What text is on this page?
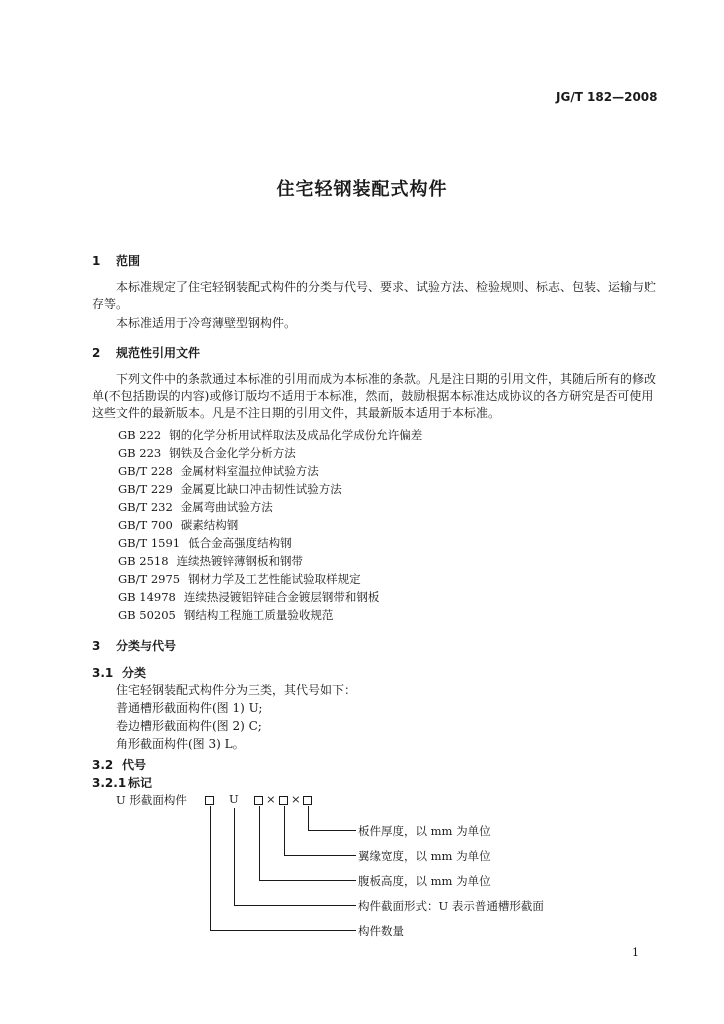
JG/T 182—2008
住宅轻钢装配式构件
1 范围
本标准规定了住宅轻钢装配式构件的分类与代号、要求、试验方法、检验规则、标志、包装、运输与贮存等。
本标准适用于冷弯薄壁型钢构件。
2 规范性引用文件
下列文件中的条款通过本标准的引用而成为本标准的条款。凡是注日期的引用文件，其随后所有的修改单(不包括勘误的内容)或修订版均不适用于本标准，然而，鼓励根据本标准达成协议的各方研究是否可使用这些文件的最新版本。凡是不注日期的引用文件，其最新版本适用于本标准。
GB 222 钢的化学分析用试样取法及成品化学成份允许偏差
GB 223 钢铁及合金化学分析方法
GB/T 228 金属材料室温拉伸试验方法
GB/T 229 金属夏比缺口冲击韧性试验方法
GB/T 232 金属弯曲试验方法
GB/T 700 碳素结构钢
GB/T 1591 低合金高强度结构钢
GB 2518 连续热镀锌薄钢板和钢带
GB/T 2975 钢材力学及工艺性能试验取样规定
GB 14978 连续热浸镀铝锌硅合金镀层钢带和钢板
GB 50205 钢结构工程施工质量验收规范
3 分类与代号
3.1 分类
住宅轻钢装配式构件分为三类，其代号如下：
普通槽形截面构件(图 1) U;
卷边槽形截面构件(图 2) C;
角形截面构件(图 3) L。
3.2 代号
3.2.1 标记
U 形截面构件	U × ×
板件厚度，以 mm 为单位
翼缘宽度，以 mm 为单位
腹板高度，以 mm 为单位
构件截面形式：U 表示普通槽形截面
构件数量
1
